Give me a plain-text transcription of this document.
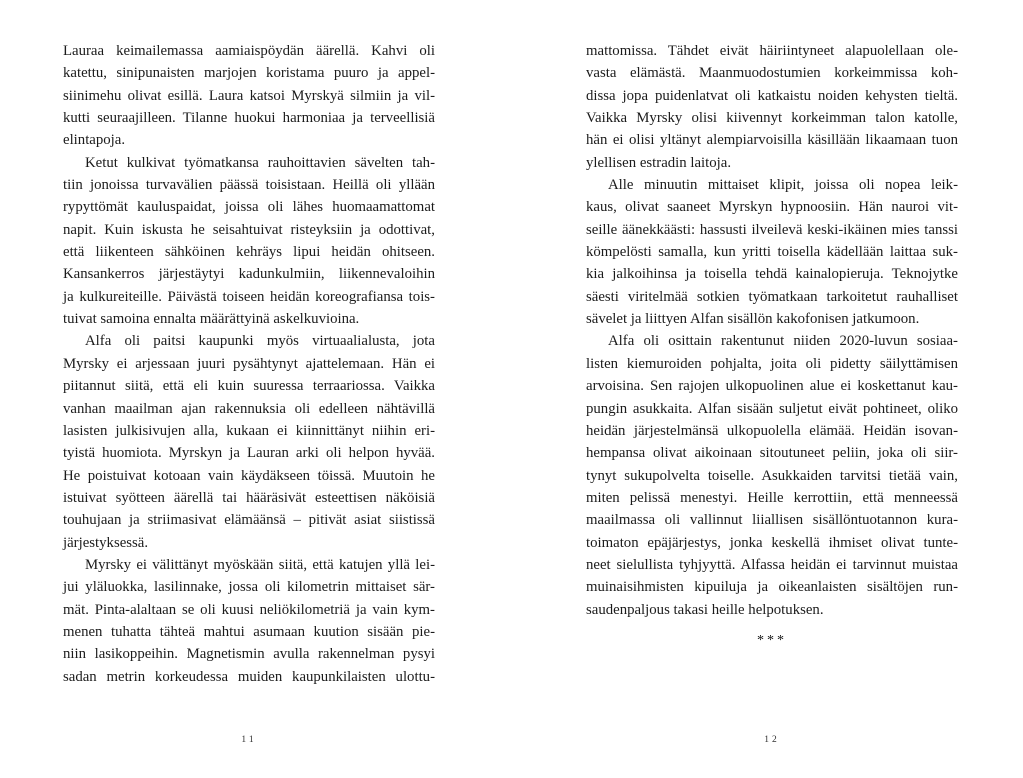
Lauraa keimailemassa aamiaispöydän äärellä. Kahvi oli
katettu, sinipunaisten marjojen koristama puuro ja appel-
siinimehu olivat esillä. Laura katsoi Myrskyä silmiin ja vil-
kutti seuraajilleen. Tilanne huokui harmoniaa ja terveellisiä
elintapoja.
Ketut kulkivat työmatkansa rauhoittavien sävelten tah-
tiin jonoissa turvavälien päässä toisistaan. Heillä oli yllään
rypyttömät kauluspaidat, joissa oli lähes huomaamattomat
napit. Kuin iskusta he seisahtuivat risteyksiin ja odottivat,
että liikenteen sähköinen kehräys lipui heidän ohitseen.
Kansankerros järjestäytyi kadunkulmiin, liikennevaloihin
ja kulkureiteille. Päivästä toiseen heidän koreografiansa tois-
tuivat samoina ennalta määrättyinä askelkuvioina.
Alfa oli paitsi kaupunki myös virtuaalialusta, jota
Myrsky ei arjessaan juuri pysähtynyt ajattelemaan. Hän ei
piitannut siitä, että eli kuin suuressa terraariossa. Vaikka
vanhan maailman ajan rakennuksia oli edelleen nähtävillä
lasisten julkisivujen alla, kukaan ei kiinnittänyt niihin eri-
tyistä huomiota. Myrskyn ja Lauran arki oli helpon hyvää.
He poistuivat kotoaan vain käydäkseen töissä. Muutoin he
istuivat syötteen äärellä tai hääräsivät esteettisen näköisiä
touhujaan ja striimasivat elämäänsä – pitivät asiat siistissä
järjestyksessä.
Myrsky ei välittänyt myöskään siitä, että katujen yllä lei-
jui yläluokka, lasilinnake, jossa oli kilometrin mittaiset sär-
mät. Pinta-alaltaan se oli kuusi neliökilometriä ja vain kym-
menen tuhatta tähteä mahtui asumaan kuution sisään pie-
niin lasikoppeihin. Magnetismin avulla rakennelman pysyi
sadan metrin korkeudessa muiden kaupunkilaisten ulottu-
11
mattomissa. Tähdet eivät häiriintyneet alapuolellaan ole-
vasta elämästä. Maanmuodostumien korkeimmissa koh-
dissa jopa puidenlatvat oli katkaistu noiden kehysten tieltä.
Vaikka Myrsky olisi kiivennyt korkeimman talon katolle,
hän ei olisi yltänyt alempiarvoisilla käsillään likaamaan tuon
ylellisen estradin laitoja.
Alle minuutin mittaiset klipit, joissa oli nopea leik-
kaus, olivat saaneet Myrskyn hypnoosiin. Hän nauroi vit-
seille äänekkäästi: hassusti ilveilevä keski-ikäinen mies tanssi
kömpelösti samalla, kun yritti toisella kädellään laittaa suk-
kia jalkoihinsa ja toisella tehdä kainalopieruja. Teknojytke
säesti viritelmää sotkien työmatkaan tarkoitetut rauhalliset
sävelet ja liittyen Alfan sisällön kakofonisen jatkumoon.
Alfa oli osittain rakentunut niiden 2020-luvun sosiaa-
listen kiemuroiden pohjalta, joita oli pidetty säilyttämisen
arvoisina. Sen rajojen ulkopuolinen alue ei koskettanut kau-
pungin asukkaita. Alfan sisään suljetut eivät pohtineet, oliko
heidän järjestelmänsä ulkopuolella elämää. Heidän isovan-
hempansa olivat aikoinaan sitoutuneet peliin, joka oli siir-
tynyt sukupolvelta toiselle. Asukkaiden tarvitsi tietää vain,
miten pelissä menestyi. Heille kerrottiin, että menneessä
maailmassa oli vallinnut liiallisen sisällöntuotannon kura-
toimaton epäjärjestys, jonka keskellä ihmiset olivat tunte-
neet sielullista tyhjyyttä. Alfassa heidän ei tarvinnut muistaa
muinaisihmisten kipuiluja ja oikeanlaisten sisältöjen run-
saudenpaljous takasi heille helpotuksen.
***
12
